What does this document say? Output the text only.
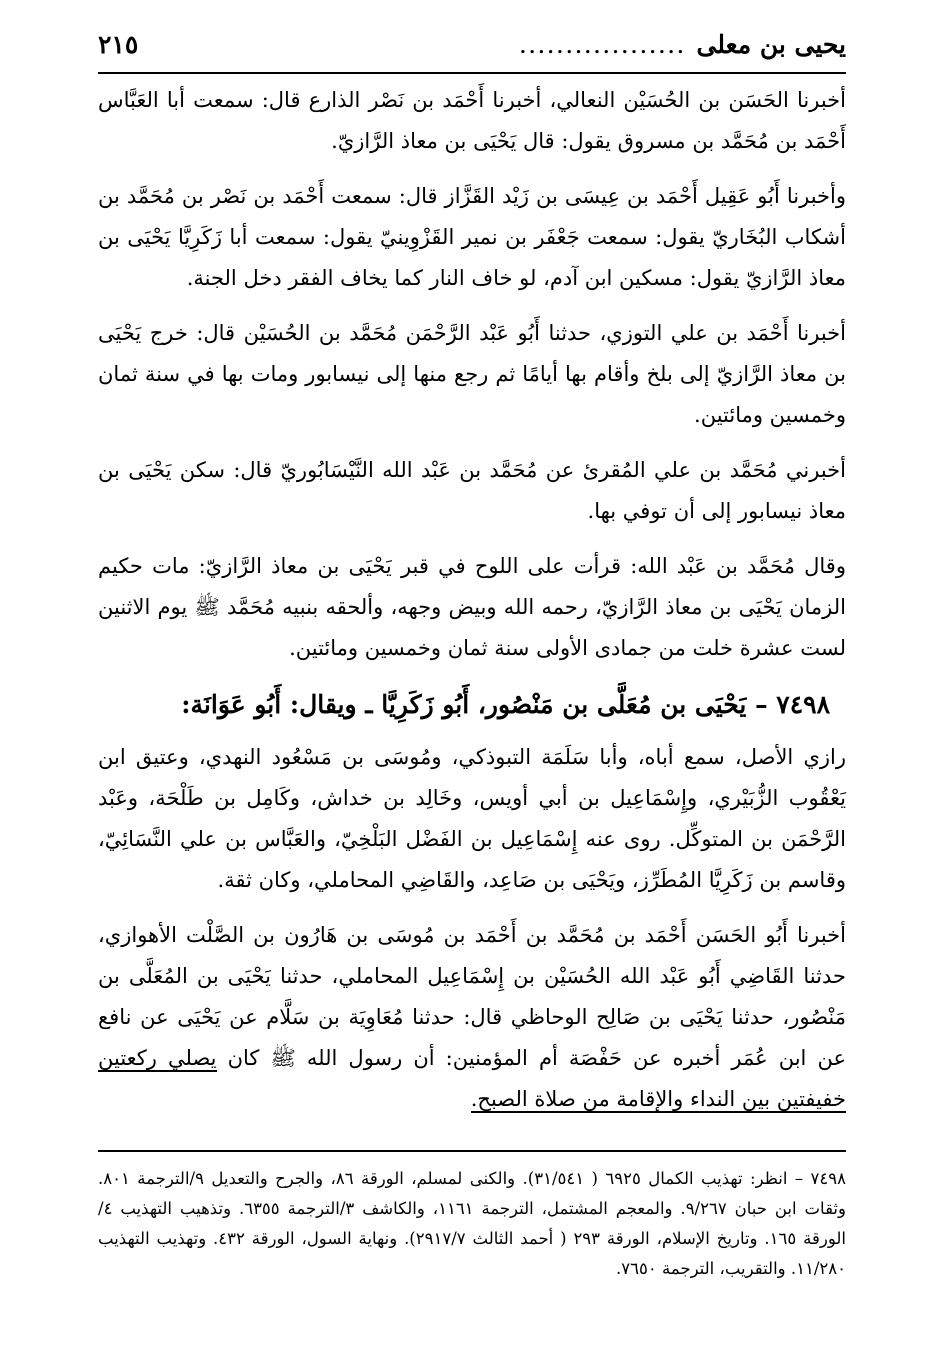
يحيى بن معلى
..................
٢١٥

أخبرنا الحَسَن بن الحُسَيْن النعالي، أخبرنا أَحْمَد بن نَصْر الذارع قال: سمعت أبا العَبَّاس أَحْمَد بن مُحَمَّد بن مسروق يقول: قال يَحْيَى بن معاذ الرَّازيّ.

وأخبرنا أَبُو عَقِيل أَحْمَد بن عِيسَى بن زَيْد القَزَّاز قال: سمعت أَحْمَد بن نَصْر بن مُحَمَّد بن أشكاب البُخَاريّ يقول: سمعت جَعْفَر بن نمير القَزْوِينيّ يقول: سمعت أبا زَكَرِيَّا يَحْيَى بن معاذ الرَّازيّ يقول: مسكين ابن آدم، لو خاف النار كما يخاف الفقر دخل الجنة.

أخبرنا أَحْمَد بن علي التوزي، حدثنا أَبُو عَبْد الرَّحْمَن مُحَمَّد بن الحُسَيْن قال: خرج يَحْيَى بن معاذ الرَّازيّ إلى بلخ وأقام بها أيامًا ثم رجع منها إلى نيسابور ومات بها في سنة ثمان وخمسين ومائتين.

أخبرني مُحَمَّد بن علي المُقرئ عن مُحَمَّد بن عَبْد الله النَّيْسَابُوريّ قال: سكن يَحْيَى بن معاذ نيسابور إلى أن توفي بها.

وقال مُحَمَّد بن عَبْد الله: قرأت على اللوح في قبر يَحْيَى بن معاذ الرَّازيّ: مات حكيم الزمان يَحْيَى بن معاذ الرَّازيّ، رحمه الله وبيض وجهه، وألحقه بنبيه مُحَمَّد ﷺ يوم الاثنين لست عشرة خلت من جمادى الأولى سنة ثمان وخمسين ومائتين.

٧٤٩٨ – يَحْيَى بن مُعَلَّى بن مَنْصُور، أَبُو زَكَرِيَّا ـ ويقال: أَبُو عَوَانَة:

رازي الأصل، سمع أباه، وأبا سَلَمَة التبوذكي، ومُوسَى بن مَسْعُود النهدي، وعتيق ابن يَعْقُوب الزُّبَيْري، وإِسْمَاعِيل بن أبي أويس، وخَالِد بن خداش، وكَامِل بن طَلْحَة، وعَبْد الرَّحْمَن بن المتوكِّل. روى عنه إِسْمَاعِيل بن الفَضْل البَلْخِيّ، والعَبَّاس بن علي النَّسَائِيّ، وقاسم بن زَكَرِيَّا المُطَرِّز، ويَحْيَى بن صَاعِد، والقَاضِي المحاملي، وكان ثقة.

أخبرنا أَبُو الحَسَن أَحْمَد بن مُحَمَّد بن أَحْمَد بن مُوسَى بن هَارُون بن الصَّلْت الأهوازي، حدثنا القَاضِي أَبُو عَبْد الله الحُسَيْن بن إِسْمَاعِيل المحاملي، حدثنا يَحْيَى بن المُعَلَّى بن مَنْصُور، حدثنا يَحْيَى بن صَالِح الوحاظي قال: حدثنا مُعَاوِيَة بن سَلَّام عن يَحْيَى عن نافع عن ابن عُمَر أخبره عن حَفْصَة أم المؤمنين: أن رسول الله ﷺ كان يصلي ركعتين خفيفتين بين النداء والإقامة من صلاة الصبح.

٧٤٩٨ – انظر: تهذيب الكمال ٦٩٢٥ ( ٣١/٥٤١). والكنى لمسلم، الورقة ٨٦، والجرح والتعديل ٩/الترجمة ٨٠١. وثقات ابن حبان ٩/٢٦٧. والمعجم المشتمل، الترجمة ١١٦١، والكاشف ٣/الترجمة ٦٣٥٥. وتذهيب التهذيب ٤/ الورقة ١٦٥. وتاريخ الإسلام، الورقة ٢٩٣ ( أحمد الثالث ٢٩١٧/٧). ونهاية السول، الورقة ٤٣٢. وتهذيب التهذيب ١١/٢٨٠. والتقريب، الترجمة ٧٦٥٠.
